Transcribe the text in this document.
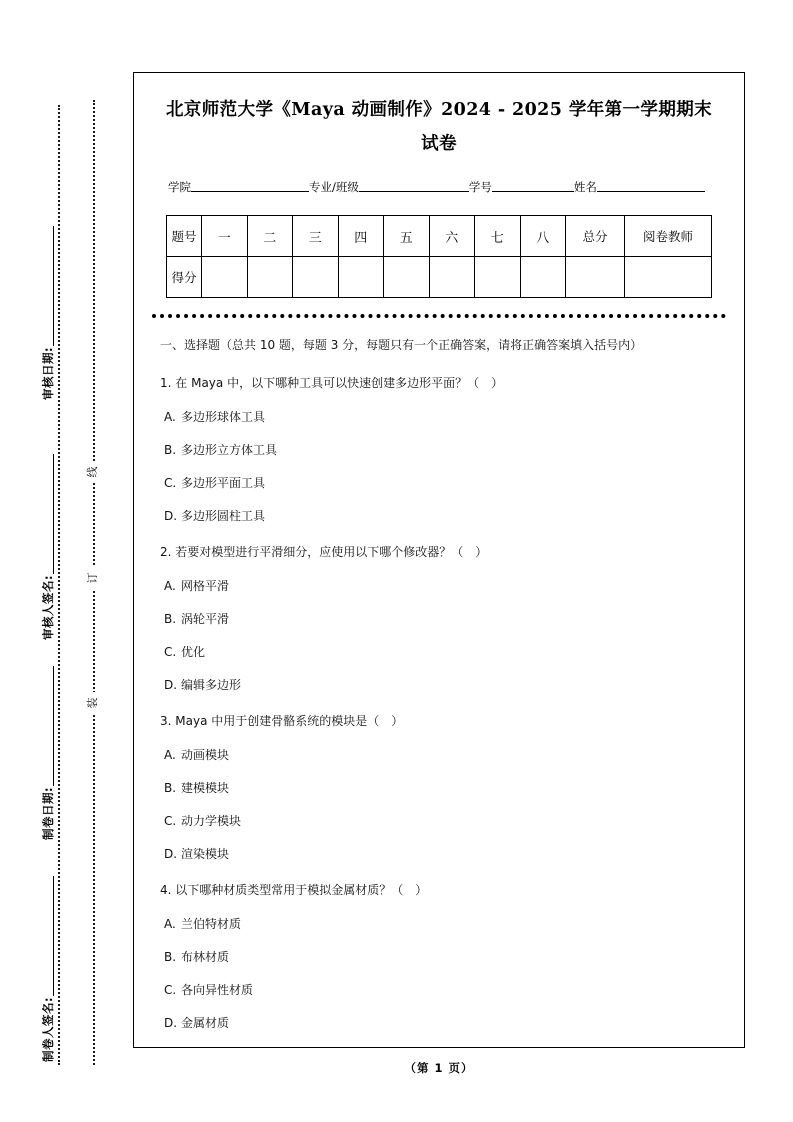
线
订
装
审核日期:
审核人签名:
制卷日期:
制卷人签名:
北京师范大学《Maya 动画制作》2024 - 2025 学年第一学期期末试卷
学院	专业/班级	学号	姓名
题号	一	二	三	四	五	六	七	八	总分	阅卷教师
得分										
一、选择题（总共 10 题，每题 3 分，每题只有一个正确答案，请将正确答案填入括号内）
1. 在 Maya 中，以下哪种工具可以快速创建多边形平面？（　）
A. 多边形球体工具
B. 多边形立方体工具
C. 多边形平面工具
D. 多边形圆柱工具
2. 若要对模型进行平滑细分，应使用以下哪个修改器？（　）
A. 网格平滑
B. 涡轮平滑
C. 优化
D. 编辑多边形
3. Maya 中用于创建骨骼系统的模块是（　）
A. 动画模块
B. 建模模块
C. 动力学模块
D. 渲染模块
4. 以下哪种材质类型常用于模拟金属材质？（　）
A. 兰伯特材质
B. 布林材质
C. 各向异性材质
D. 金属材质
（第 1 页）
